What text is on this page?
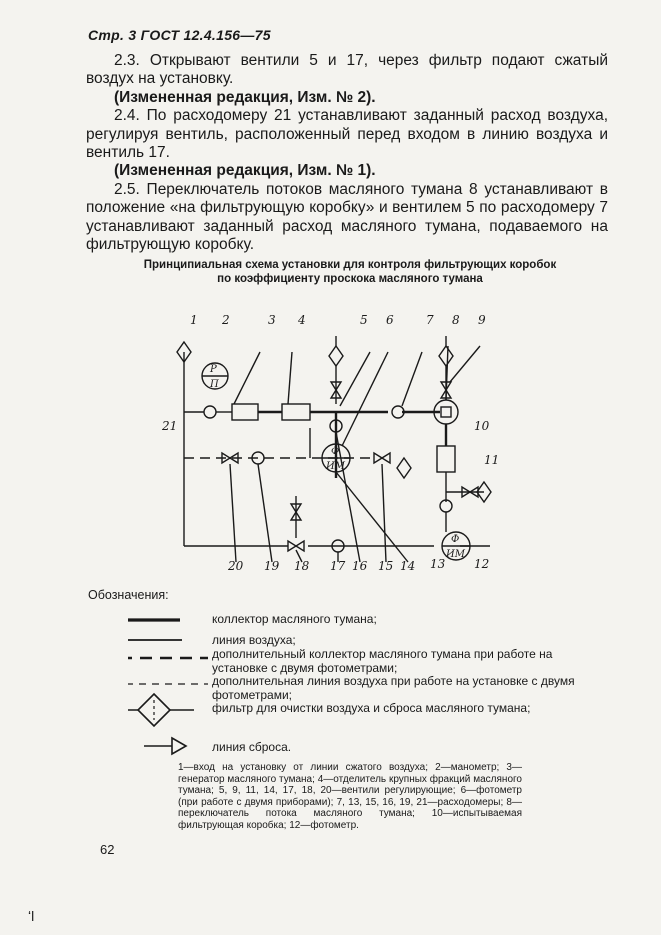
Стр. 3 ГОСТ 12.4.156—75

2.3. Открывают вентили 5 и 17, через фильтр подают сжатый воздух на установку.

(Измененная редакция, Изм. № 2).

2.4. По расходомеру 21 устанавливают заданный расход воздуха, регулируя вентиль, расположенный перед входом в линию воздуха и вентиль 17.

(Измененная редакция, Изм. № 1).

2.5. Переключатель потоков масляного тумана 8 устанавливают в положение «на фильтрующую коробку» и вентилем 5 по расходомеру 7 устанавливают заданный расход масляного тумана, подаваемого на фильтрующую коробку.

Принципиальная схема установки для контроля фильтрующих коробок по коэффициенту проскока масляного тумана
1 2	3 4	5 6	7 8 9
10
11
12
13
20 19 18 17 16 15 14
21
Р
П
Ф
ИМ
Ф
ИМ
Обозначения:
коллектор масляного тумана;
линия воздуха;
дополнительный коллектор масляного тумана при работе на установке с двумя фотометрами;
дополнительная линия воздуха при работе на установке с двумя фотометрами;
фильтр для очистки воздуха и сброса масляного тумана;
линия сброса.
1—вход на установку от линии сжатого воздуха; 2—манометр; 3—генератор масляного тумана; 4—отделитель крупных фракций масляного тумана; 5, 9, 11, 14, 17, 18, 20—вентили регулирующие; 6—фотометр (при работе с двумя приборами); 7, 13, 15, 16, 19, 21—расходомеры; 8—переключатель потока масляного тумана; 10—испытываемая фильтрующая коробка; 12—фотометр.
62
ʻl
